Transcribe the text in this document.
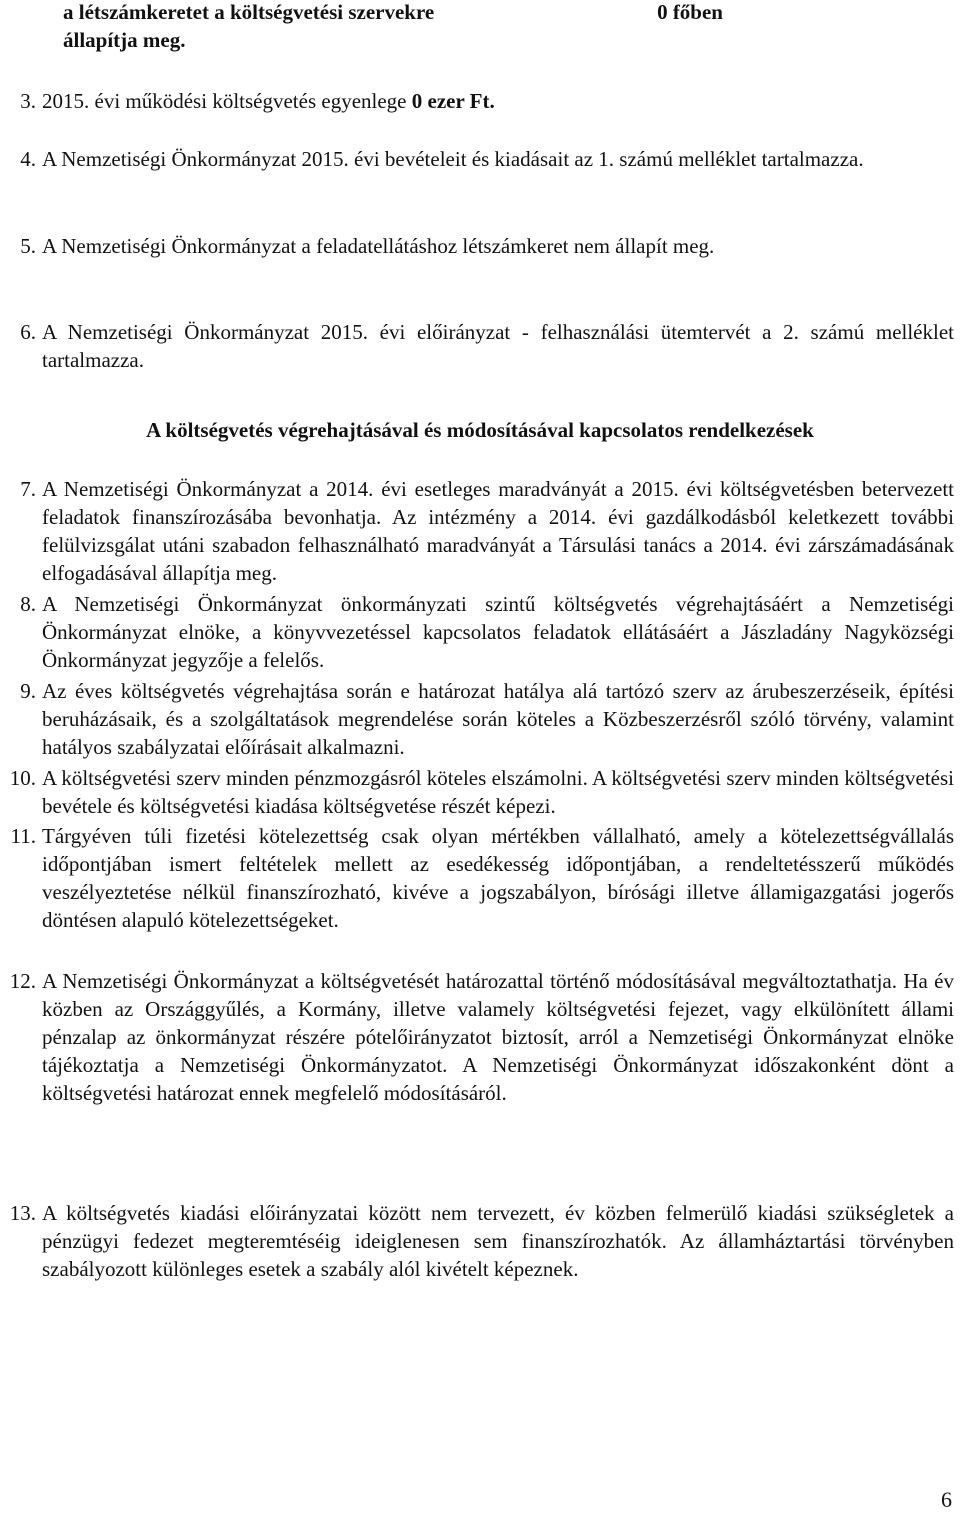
a létszámkeretet a költségvetési szervekre	0 főben
állapítja meg.
3. 2015. évi működési költségvetés egyenlege 0 ezer Ft.
4. A Nemzetiségi Önkormányzat 2015. évi bevételeit és kiadásait az 1. számú melléklet tartalmazza.
5. A Nemzetiségi Önkormányzat a feladatellátáshoz létszámkeret nem állapít meg.
6. A Nemzetiségi Önkormányzat 2015. évi előirányzat - felhasználási ütemtervét a 2. számú melléklet tartalmazza.
A költségvetés végrehajtásával és módosításával kapcsolatos rendelkezések
7. A Nemzetiségi Önkormányzat a 2014. évi esetleges maradványát a 2015. évi költségvetésben betervezett feladatok finanszírozásába bevonhatja. Az intézmény a 2014. évi gazdálkodásból keletkezett további felülvizsgálat utáni szabadon felhasználható maradványát a Társulási tanács a 2014. évi zárszámadásának elfogadásával állapítja meg.
8. A Nemzetiségi Önkormányzat önkormányzati szintű költségvetés végrehajtásáért a Nemzetiségi Önkormányzat elnöke, a könyvvezetéssel kapcsolatos feladatok ellátásáért a Jászladány Nagyközségi Önkormányzat jegyzője a felelős.
9. Az éves költségvetés végrehajtása során e határozat hatálya alá tartózó szerv az árubeszerzéseik, építési beruházásaik, és a szolgáltatások megrendelése során köteles a Közbeszerzésről szóló törvény, valamint hatályos szabályzatai előírásait alkalmazni.
10. A költségvetési szerv minden pénzmozgásról köteles elszámolni. A költségvetési szerv minden költségvetési bevétele és költségvetési kiadása költségvetése részét képezi.
11. Tárgyéven túli fizetési kötelezettség csak olyan mértékben vállalható, amely a kötelezettségvállalás időpontjában ismert feltételek mellett az esedékesség időpontjában, a rendeltetésszerű működés veszélyeztetése nélkül finanszírozható, kivéve a jogszabályon, bírósági illetve államigazgatási jogerős döntésen alapuló kötelezettségeket.
12. A Nemzetiségi Önkormányzat a költségvetését határozattal történő módosításával megváltoztathatja. Ha év közben az Országgyűlés, a Kormány, illetve valamely költségvetési fejezet, vagy elkülönített állami pénzalap az önkormányzat részére pótelőirányzatot biztosít, arról a Nemzetiségi Önkormányzat elnöke tájékoztatja a Nemzetiségi Önkormányzatot. A Nemzetiségi Önkormányzat időszakonként dönt a költségvetési határozat ennek megfelelő módosításáról.
13. A költségvetés kiadási előirányzatai között nem tervezett, év közben felmerülő kiadási szükségletek a pénzügyi fedezet megteremtéséig ideiglenesen sem finanszírozhatók. Az államháztartási törvényben szabályozott különleges esetek a szabály alól kivételt képeznek.
6
